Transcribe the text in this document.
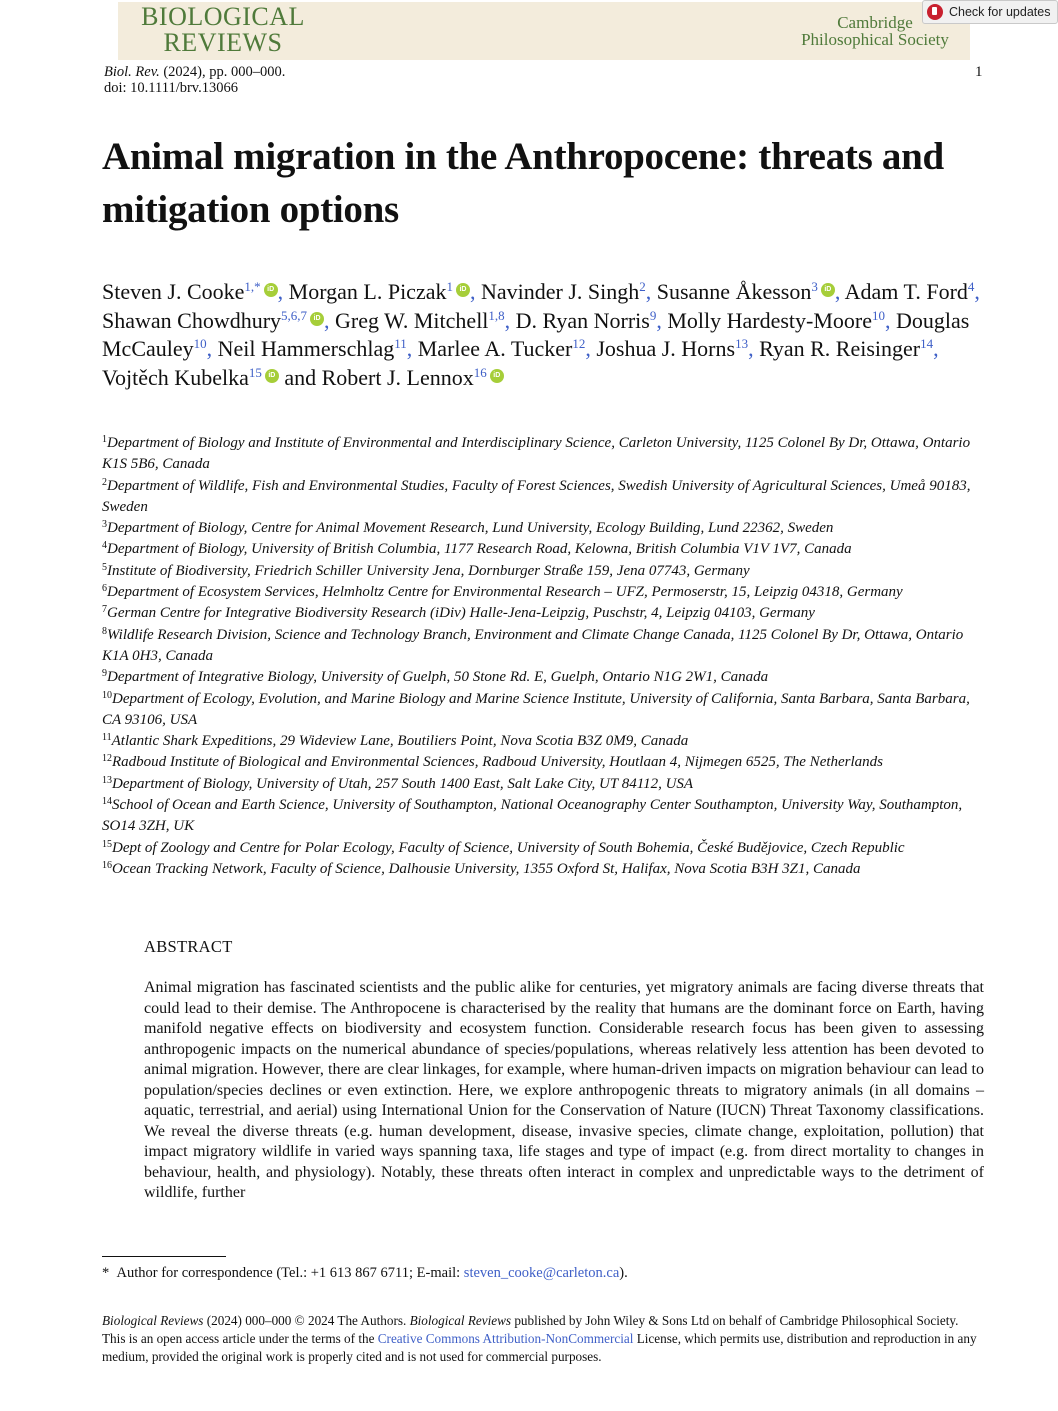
BIOLOGICAL
REVIEWS
Cambridge
Philosophical Society
Check for updates
Biol. Rev. (2024), pp. 000–000.
doi: 10.1111/brv.13066
1
Animal migration in the Anthropocene: threats and mitigation options
Steven J. Cooke$^{1,*}$ iD , Morgan L. Piczak$^1$ iD , Navinder J. Singh$^2$, Susanne Åkesson$^3$iD , Adam T. Ford$^4$, Shawan Chowdhury$^{5,6,7}$ iD , Greg W. Mitchell$^{1,8}$, D. Ryan Norris$^9$, Molly Hardesty-Moore$^{10}$, Douglas McCauley$^{10}$, Neil Hammerschlag$^{11}$, Marlee A. Tucker$^{12}$, Joshua J. Horns$^{13}$, Ryan R. Reisinger$^{14}$, Vojtěch Kubelka$^{15}$iD and Robert J. Lennox$^{16}$iD
$^1$Department of Biology and Institute of Environmental and Interdisciplinary Science, Carleton University, 1125 Colonel By Dr, Ottawa, Ontario K1S 5B6, Canada
$^2$Department of Wildlife, Fish and Environmental Studies, Faculty of Forest Sciences, Swedish University of Agricultural Sciences, Umeå 90183, Sweden
$^3$Department of Biology, Centre for Animal Movement Research, Lund University, Ecology Building, Lund 22362, Sweden
$^4$Department of Biology, University of British Columbia, 1177 Research Road, Kelowna, British Columbia V1V 1V7, Canada
$^5$Institute of Biodiversity, Friedrich Schiller University Jena, Dornburger Straße 159, Jena 07743, Germany
$^6$Department of Ecosystem Services, Helmholtz Centre for Environmental Research – UFZ, Permoserstr, 15, Leipzig 04318, Germany
$^7$German Centre for Integrative Biodiversity Research (iDiv) Halle-Jena-Leipzig, Puschstr, 4, Leipzig 04103, Germany
$^8$Wildlife Research Division, Science and Technology Branch, Environment and Climate Change Canada, 1125 Colonel By Dr, Ottawa, Ontario K1A 0H3, Canada
$^9$Department of Integrative Biology, University of Guelph, 50 Stone Rd. E, Guelph, Ontario N1G 2W1, Canada
$^{10}$Department of Ecology, Evolution, and Marine Biology and Marine Science Institute, University of California, Santa Barbara, Santa Barbara, CA 93106, USA
$^{11}$Atlantic Shark Expeditions, 29 Wideview Lane, Boutiliers Point, Nova Scotia B3Z 0M9, Canada
$^{12}$Radboud Institute of Biological and Environmental Sciences, Radboud University, Houtlaan 4, Nijmegen 6525, The Netherlands
$^{13}$Department of Biology, University of Utah, 257 South 1400 East, Salt Lake City, UT 84112, USA
$^{14}$School of Ocean and Earth Science, University of Southampton, National Oceanography Center Southampton, University Way, Southampton, SO14 3ZH, UK
$^{15}$Dept of Zoology and Centre for Polar Ecology, Faculty of Science, University of South Bohemia, České Budějovice, Czech Republic
$^{16}$Ocean Tracking Network, Faculty of Science, Dalhousie University, 1355 Oxford St, Halifax, Nova Scotia B3H 3Z1, Canada
ABSTRACT
Animal migration has fascinated scientists and the public alike for centuries, yet migratory animals are facing diverse threats that could lead to their demise. The Anthropocene is characterised by the reality that humans are the dominant force on Earth, having manifold negative effects on biodiversity and ecosystem function. Considerable research focus has been given to assessing anthropogenic impacts on the numerical abundance of species/populations, whereas relatively less attention has been devoted to animal migration. However, there are clear linkages, for example, where human-driven impacts on migration behaviour can lead to population/species declines or even extinction. Here, we explore anthropogenic threats to migratory animals (in all domains – aquatic, terrestrial, and aerial) using International Union for the Conservation of Nature (IUCN) Threat Taxonomy classifications. We reveal the diverse threats (e.g. human development, disease, invasive species, climate change, exploitation, pollution) that impact migratory wildlife in varied ways spanning taxa, life stages and type of impact (e.g. from direct mortality to changes in behaviour, health, and physiology). Notably, these threats often interact in complex and unpredictable ways to the detriment of wildlife, further
* Author for correspondence (Tel.: +1 613 867 6711; E-mail: steven_cooke@carleton.ca).
Biological Reviews (2024) 000–000 © 2024 The Authors. Biological Reviews published by John Wiley & Sons Ltd on behalf of Cambridge Philosophical Society.
This is an open access article under the terms of the Creative Commons Attribution-NonCommercial License, which permits use, distribution and reproduction in any medium, provided the original work is properly cited and is not used for commercial purposes.
